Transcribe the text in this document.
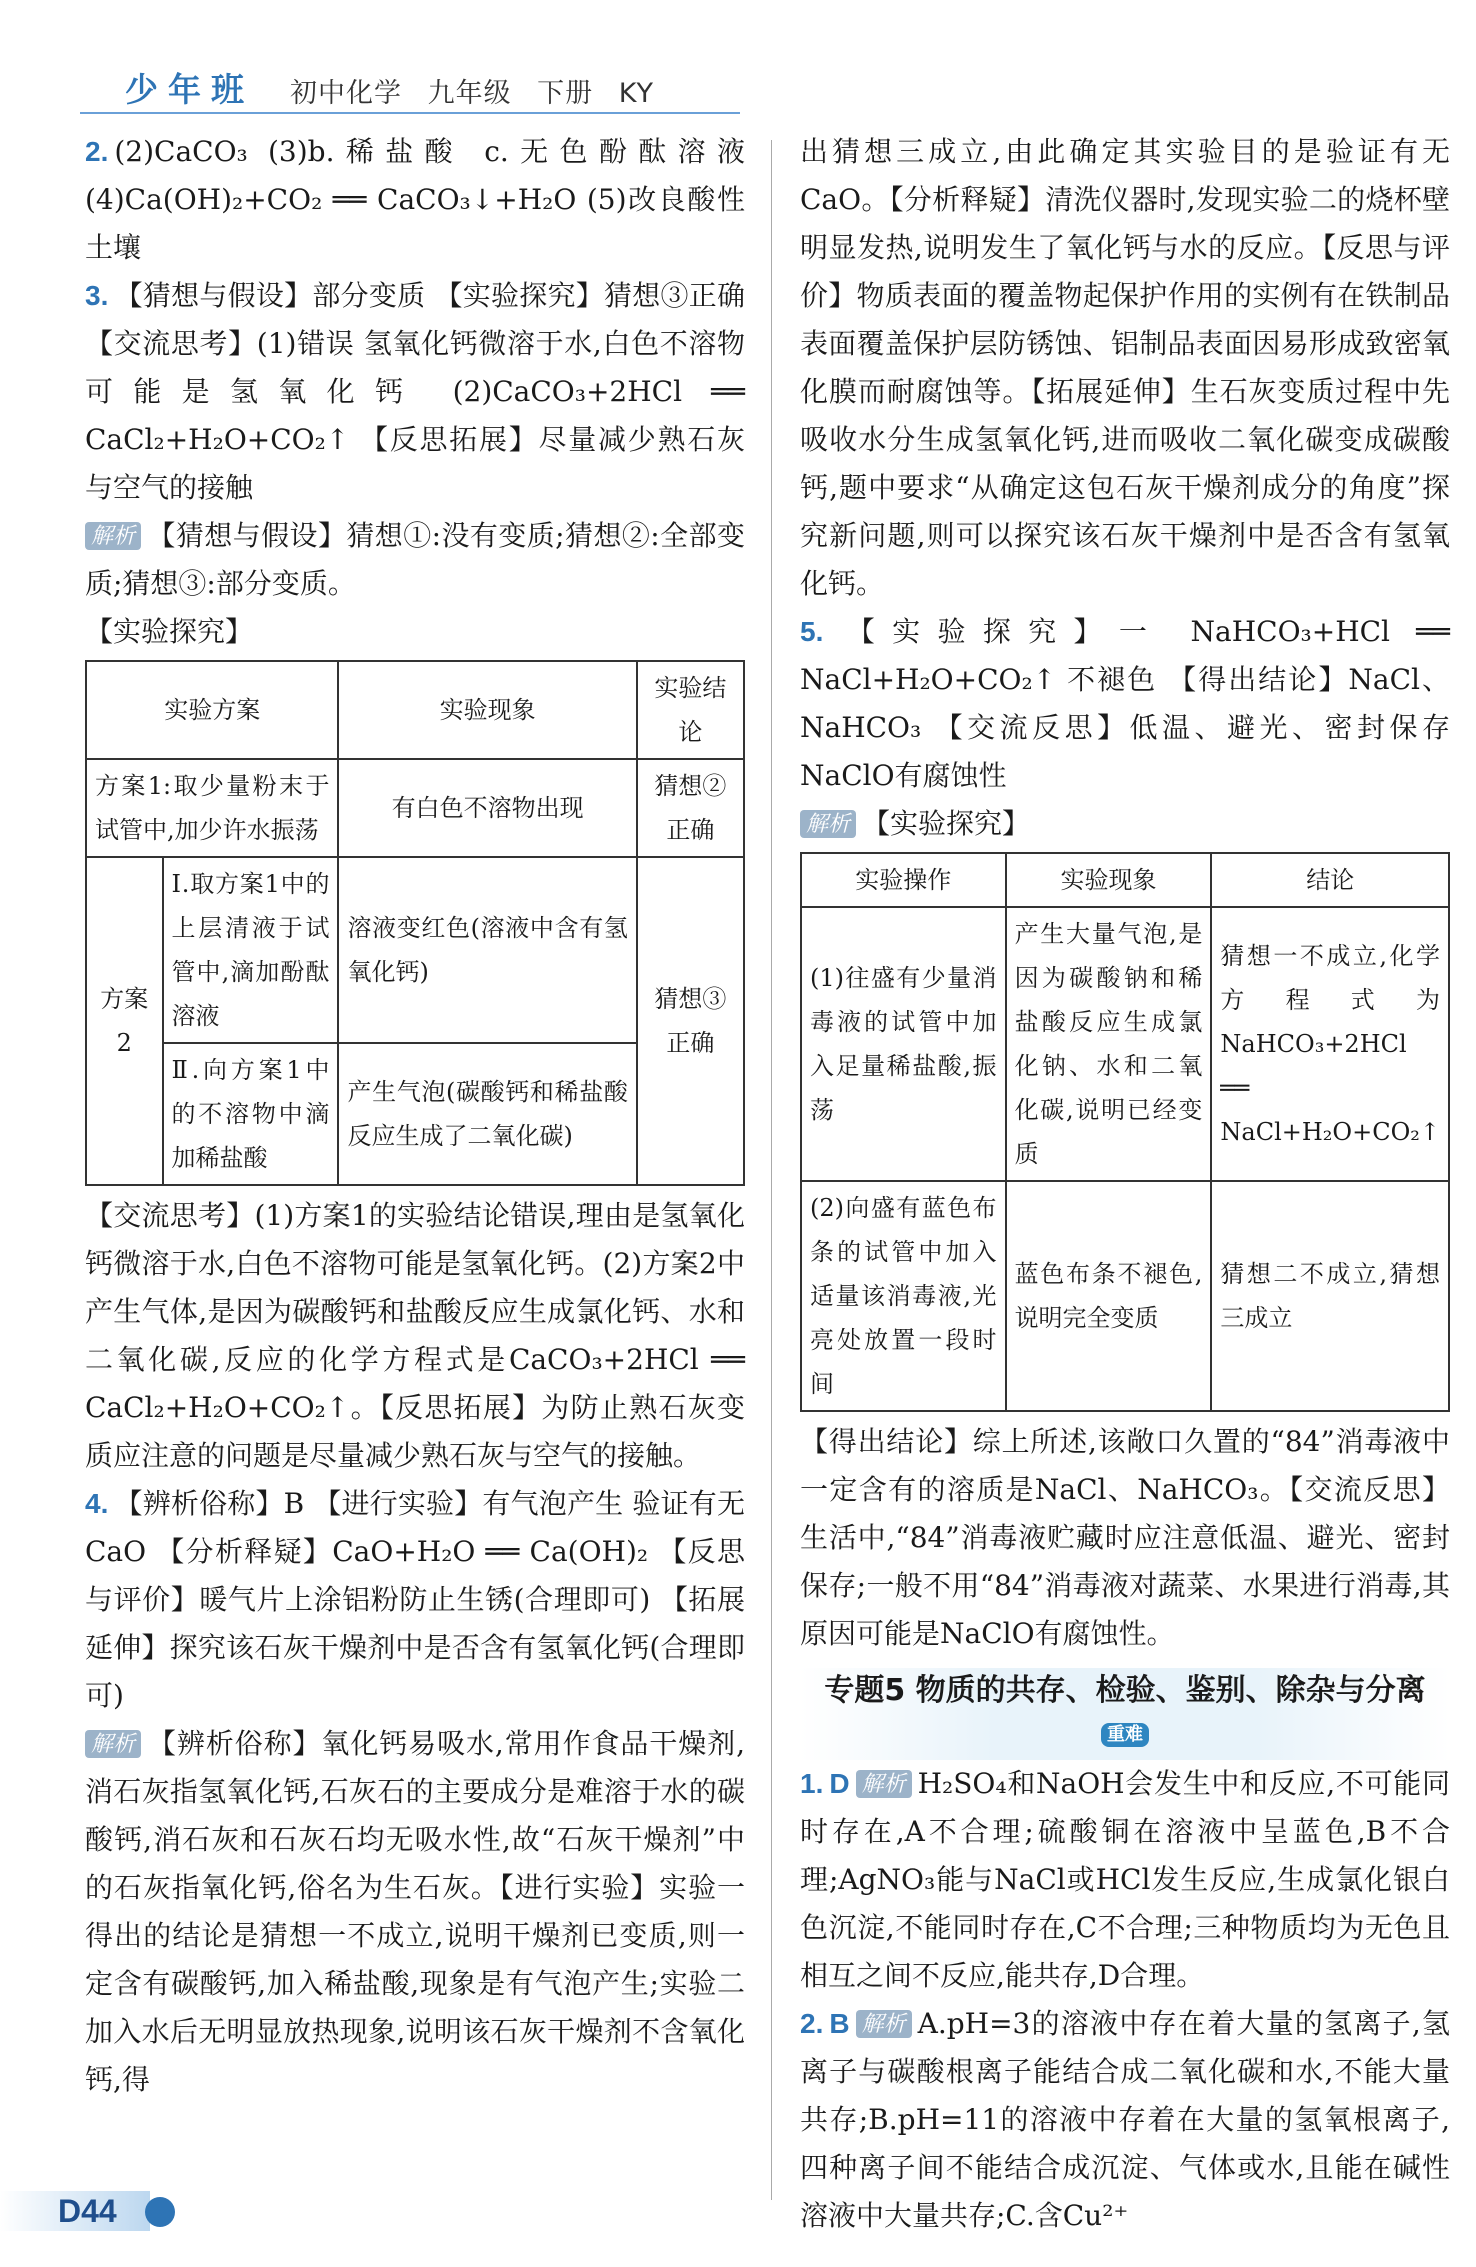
少年班 初中化学 九年级 下册 KY

2. (2)CaCO₃ (3)b.稀盐酸 c.无色酚酞溶液 (4)Ca(OH)₂+CO₂ ══ CaCO₃↓+H₂O (5)改良酸性土壤

3. 【猜想与假设】部分变质 【实验探究】猜想③正确 【交流思考】(1)错误 氢氧化钙微溶于水,白色不溶物可能是氢氧化钙 (2)CaCO₃+2HCl ══ CaCl₂+H₂O+CO₂↑ 【反思拓展】尽量减少熟石灰与空气的接触

解析 【猜想与假设】猜想①:没有变质;猜想②:全部变质;猜想③:部分变质。

【实验探究】

实验方案		实验现象	实验结论
方案1:取少量粉末于试管中,加少许水振荡		有白色不溶物出现	猜想②正确
方案2	Ⅰ.取方案1中的上层清液于试管中,滴加酚酞溶液	溶液变红色(溶液中含有氢氧化钙)	猜想③正确
	Ⅱ.向方案1中的不溶物中滴加稀盐酸	产生气泡(碳酸钙和稀盐酸反应生成了二氧化碳)	

【交流思考】(1)方案1的实验结论错误,理由是氢氧化钙微溶于水,白色不溶物可能是氢氧化钙。(2)方案2中产生气体,是因为碳酸钙和盐酸反应生成氯化钙、水和二氧化碳,反应的化学方程式是CaCO₃+2HCl ══ CaCl₂+H₂O+CO₂↑。【反思拓展】为防止熟石灰变质应注意的问题是尽量减少熟石灰与空气的接触。

4. 【辨析俗称】B 【进行实验】有气泡产生 验证有无CaO 【分析释疑】CaO+H₂O ══ Ca(OH)₂ 【反思与评价】暖气片上涂铝粉防止生锈(合理即可) 【拓展延伸】探究该石灰干燥剂中是否含有氢氧化钙(合理即可)

解析 【辨析俗称】氧化钙易吸水,常用作食品干燥剂,消石灰指氢氧化钙,石灰石的主要成分是难溶于水的碳酸钙,消石灰和石灰石均无吸水性,故“石灰干燥剂”中的石灰指氧化钙,俗名为生石灰。【进行实验】实验一得出的结论是猜想一不成立,说明干燥剂已变质,则一定含有碳酸钙,加入稀盐酸,现象是有气泡产生;实验二加入水后无明显放热现象,说明该石灰干燥剂不含氧化钙,得

出猜想三成立,由此确定其实验目的是验证有无CaO。【分析释疑】清洗仪器时,发现实验二的烧杯壁明显发热,说明发生了氧化钙与水的反应。【反思与评价】物质表面的覆盖物起保护作用的实例有在铁制品表面覆盖保护层防锈蚀、铝制品表面因易形成致密氧化膜而耐腐蚀等。【拓展延伸】生石灰变质过程中先吸收水分生成氢氧化钙,进而吸收二氧化碳变成碳酸钙,题中要求“从确定这包石灰干燥剂成分的角度”探究新问题,则可以探究该石灰干燥剂中是否含有氢氧化钙。

5. 【实验探究】一 NaHCO₃+HCl ══ NaCl+H₂O+CO₂↑ 不褪色 【得出结论】NaCl、NaHCO₃ 【交流反思】低温、避光、密封保存 NaClO有腐蚀性

解析 【实验探究】

实验操作	实验现象	结论
(1)往盛有少量消毒液的试管中加入足量稀盐酸,振荡	产生大量气泡,是因为碳酸钠和稀盐酸反应生成氯化钠、水和二氧化碳,说明已经变质	猜想一不成立,化学方程式为NaHCO₃+2HCl ══ NaCl+H₂O+CO₂↑
(2)向盛有蓝色布条的试管中加入适量该消毒液,光亮处放置一段时间	蓝色布条不褪色,说明完全变质	猜想二不成立,猜想三成立

【得出结论】综上所述,该敞口久置的“84”消毒液中一定含有的溶质是NaCl、NaHCO₃。【交流反思】生活中,“84”消毒液贮藏时应注意低温、避光、密封保存;一般不用“84”消毒液对蔬菜、水果进行消毒,其原因可能是NaClO有腐蚀性。

专题5 物质的共存、检验、鉴别、除杂与分离 重难

1. D 解析 H₂SO₄和NaOH会发生中和反应,不可能同时存在,A不合理;硫酸铜在溶液中呈蓝色,B不合理;AgNO₃能与NaCl或HCl发生反应,生成氯化银白色沉淀,不能同时存在,C不合理;三种物质均为无色且相互之间不反应,能共存,D合理。

2. B 解析 A.pH=3的溶液中存在着大量的氢离子,氢离子与碳酸根离子能结合成二氧化碳和水,不能大量共存;B.pH=11的溶液中存着在大量的氢氧根离子,四种离子间不能结合成沉淀、气体或水,且能在碱性溶液中大量共存;C.含Cu²⁺

D44
